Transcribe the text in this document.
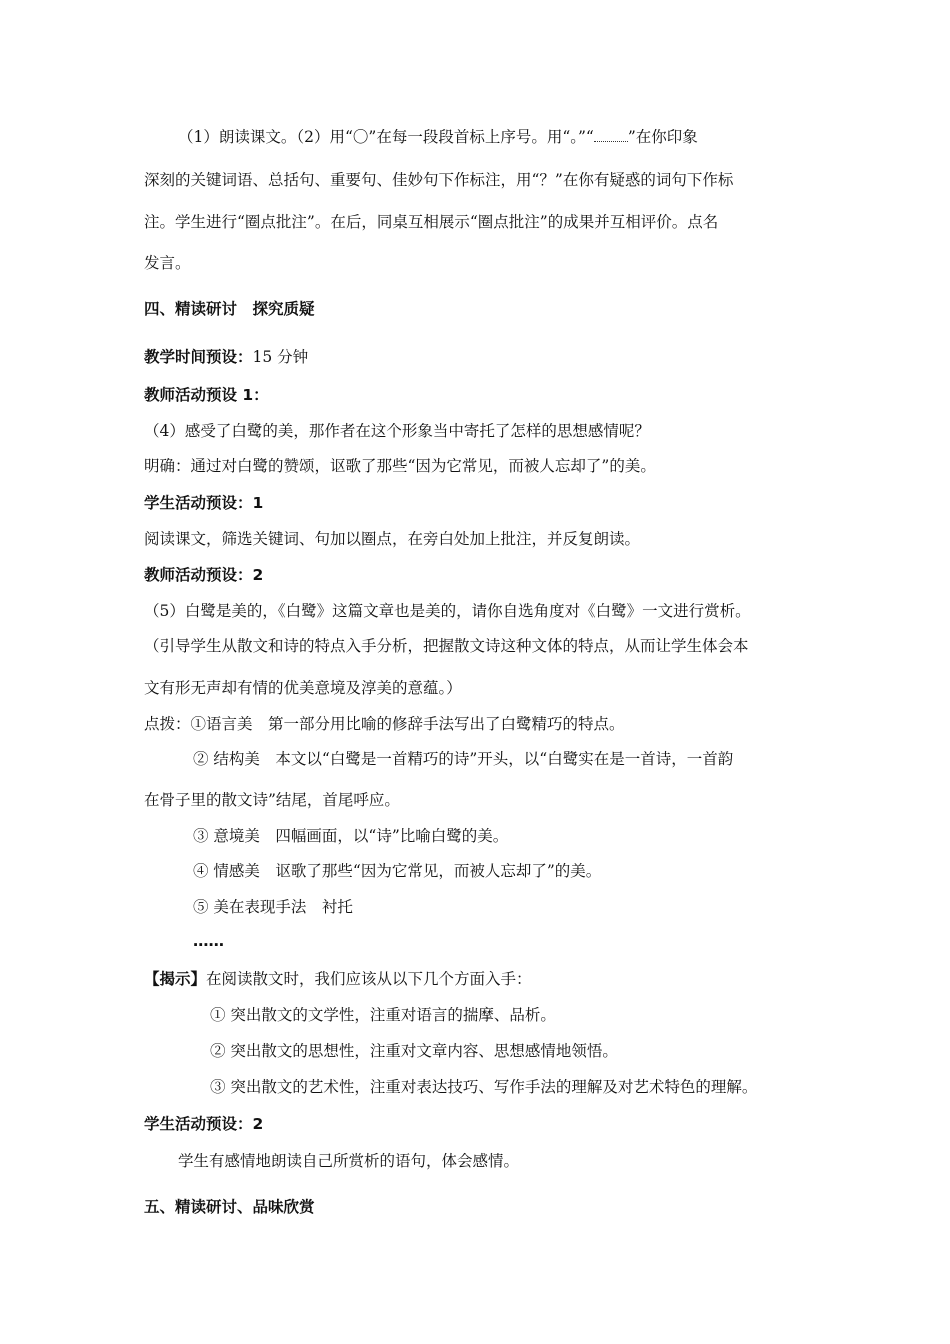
（1）朗读课文。（2）用“〇”在每一段段首标上序号。用“。”“ ”在你印象
深刻的关键词语、总括句、重要句、佳妙句下作标注，用“？”在你有疑惑的词句下作标
注。学生进行“圈点批注”。在后，同桌互相展示“圈点批注”的成果并互相评价。点名
发言。
四、精读研讨　探究质疑
教学时间预设：15 分钟
教师活动预设 1：
（4）感受了白鹭的美，那作者在这个形象当中寄托了怎样的思想感情呢？
明确：通过对白鹭的赞颂，讴歌了那些“因为它常见，而被人忘却了”的美。
学生活动预设：1
阅读课文，筛选关键词、句加以圈点，在旁白处加上批注，并反复朗读。
教师活动预设：2
（5）白鹭是美的，《白鹭》这篇文章也是美的，请你自选角度对《白鹭》一文进行赏析。
（引导学生从散文和诗的特点入手分析，把握散文诗这种文体的特点，从而让学生体会本
文有形无声却有情的优美意境及淳美的意蕴。）
点拨：①语言美　第一部分用比喻的修辞手法写出了白鹭精巧的特点。
② 结构美　本文以“白鹭是一首精巧的诗”开头，以“白鹭实在是一首诗，一首韵
在骨子里的散文诗”结尾，首尾呼应。
③ 意境美　四幅画面，以“诗”比喻白鹭的美。
④ 情感美　讴歌了那些“因为它常见，而被人忘却了”的美。
⑤ 美在表现手法　衬托
……
【揭示】在阅读散文时，我们应该从以下几个方面入手：
① 突出散文的文学性，注重对语言的揣摩、品析。
② 突出散文的思想性，注重对文章内容、思想感情地领悟。
③ 突出散文的艺术性，注重对表达技巧、写作手法的理解及对艺术特色的理解。
学生活动预设：2
学生有感情地朗读自己所赏析的语句，体会感情。
五、精读研讨、品味欣赏
